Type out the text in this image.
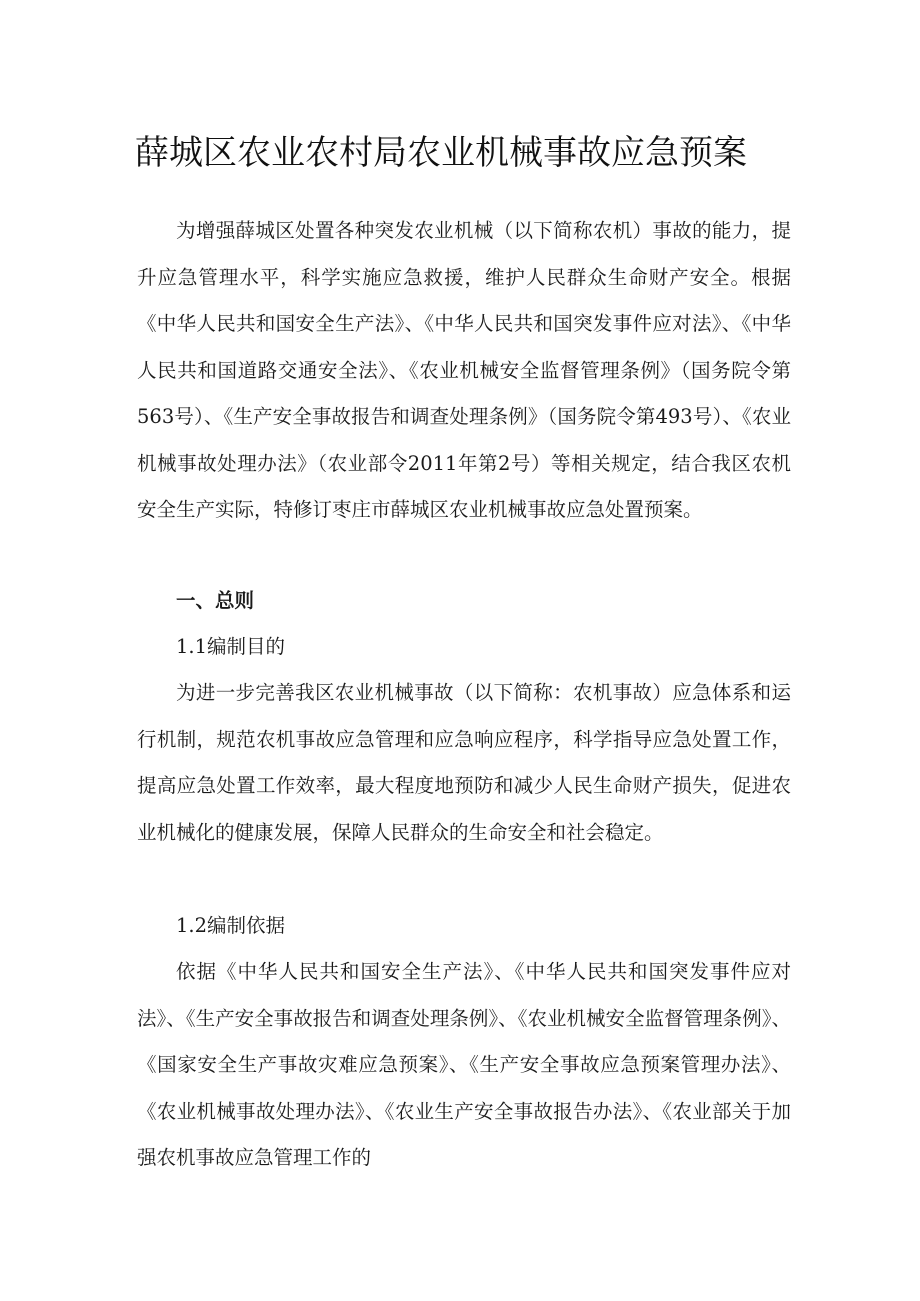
薛城区农业农村局农业机械事故应急预案

为增强薛城区处置各种突发农业机械（以下简称农机）事故的能力，提升应急管理水平，科学实施应急救援，维护人民群众生命财产安全。根据《中华人民共和国安全生产法》、《中华人民共和国突发事件应对法》、《中华人民共和国道路交通安全法》、《农业机械安全监督管理条例》（国务院令第563号）、《生产安全事故报告和调查处理条例》（国务院令第493号）、《农业机械事故处理办法》（农业部令2011年第2号）等相关规定，结合我区农机安全生产实际，特修订枣庄市薛城区农业机械事故应急处置预案。

一、总则

1.1编制目的

为进一步完善我区农业机械事故（以下简称：农机事故）应急体系和运行机制，规范农机事故应急管理和应急响应程序，科学指导应急处置工作，提高应急处置工作效率，最大程度地预防和减少人民生命财产损失，促进农业机械化的健康发展，保障人民群众的生命安全和社会稳定。

1.2编制依据

依据《中华人民共和国安全生产法》、《中华人民共和国突发事件应对法》、《生产安全事故报告和调查处理条例》、《农业机械安全监督管理条例》、《国家安全生产事故灾难应急预案》、《生产安全事故应急预案管理办法》、《农业机械事故处理办法》、《农业生产安全事故报告办法》、《农业部关于加强农机事故应急管理工作的
